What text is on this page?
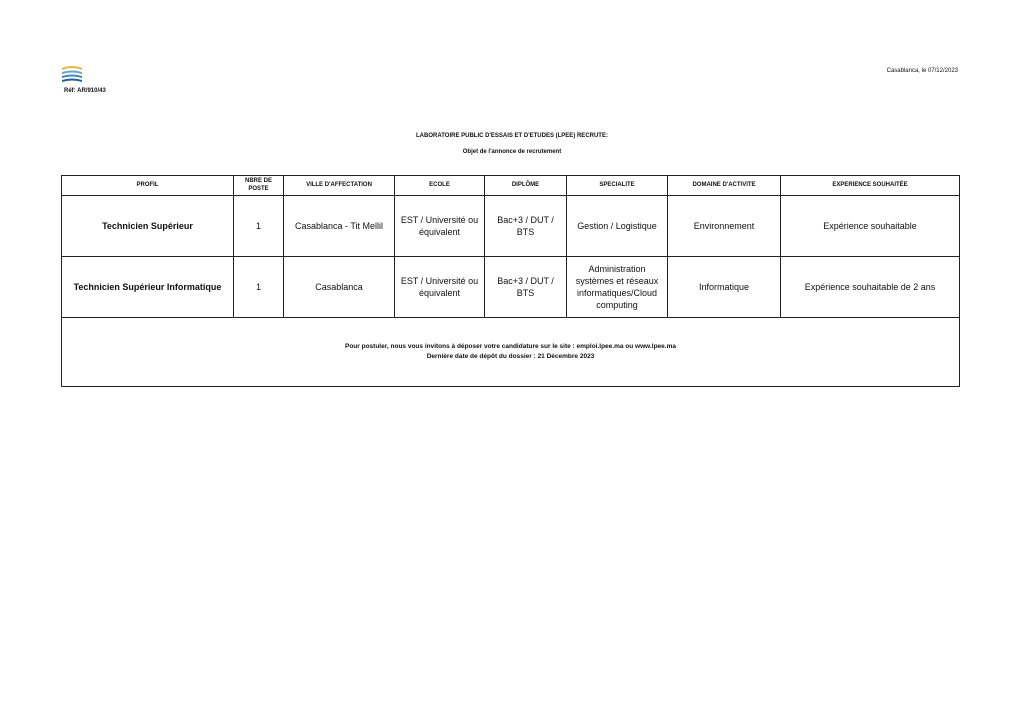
Réf: AR/910/43
Casablanca, le 07/12/2023
LABORATOIRE PUBLIC D'ESSAIS ET D'ETUDES (LPEE) RECRUTE:
Objet de l'annonce de recrutement
PROFIL	NBRE DE POSTE	VILLE D'AFFECTATION	ECOLE	DIPLÔME	SPECIALITE	DOMAINE D'ACTIVITE	EXPERIENCE SOUHAITÉE
Technicien Supérieur	1	Casablanca - Tit Mellil	EST / Université ou équivalent	Bac+3 / DUT / BTS	Gestion / Logistique	Environnement	Expérience souhaitable
Technicien Supérieur Informatique	1	Casablanca	EST / Université ou équivalent	Bac+3 / DUT / BTS	Administration systèmes et réseaux informatiques/Cloud computing	Informatique	Expérience souhaitable de 2 ans

Pour postuler, nous vous invitons à déposer votre candidature sur le site : emploi.lpee.ma ou www.lpee.ma
Dernière date de dépôt du dossier : 21 Décembre 2023							
